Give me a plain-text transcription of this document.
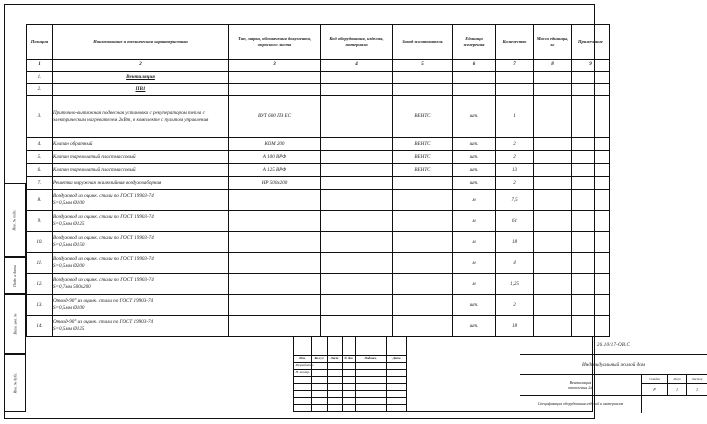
Инв. № подл.
Подп. и дата
Взам. инв. №
Инв. № дубл.
Позиция	Наименование и техническая характеристика	Тип, марка, обозначения документа, опросного листа	Код оборудования, изделия, материала	Завод-изготовитель	Единица измерения	Количество	Масса единицы, кг	Примечание
1	2	3	4	5	6	7	8	9
1.	Вентиляция							
2.	ПВ1							
3.	Приточно-вытяжная подвесная установка с рекуператором тепла с электрическим нагревателем 2кВт, в комплекте с пультом управления	ВУТ 600 ПЗ ЕС		ВЕНТС	шт.	1		
4.	Клапан обратный	КОМ 200		ВЕНТС	шт.	2		
5.	Клапан тарельчатый пластмассовый	А 100 ВРФ		ВЕНТС	шт.	2		
6.	Клапан тарельчатый пластмассовый	А 125 ВРФ		ВЕНТС	шт.	13		
7.	Решетка наружная жалюзийная воздухозаборная	НР 500х200			шт.	2		
8.	Воздуховод из оцинк. стали по ГОСТ 19903-74
S=0,5мм Ø100				м	7,5		
9.	Воздуховод из оцинк. стали по ГОСТ 19903-74
S=0,5мм Ø125				м	61		
10.	Воздуховод из оцинк. стали по ГОСТ 19903-74
S=0,5мм Ø150				м	18		
11.	Воздуховод из оцинк. стали по ГОСТ 19903-74
S=0,5мм Ø200				м	4		
12.	Воздуховод из оцинк. стали по ГОСТ 19903-74
S=0,7мм 500х200				м	1,25		
13.	Отвод-90° из оцинк. стали по ГОСТ 19903-74
S=0,5мм Ø100				шт.	2		
14.	Отвод-90° из оцинк. стали по ГОСТ 19903-74
S=0,5мм Ø125				шт.	18		
Изм.	Кол.уч	Лист	№ док	Подпись	Дата
Разработал
Н. контр.
26.10/17-ОВ.С
Индивидуальный жилой дом
Вентиляция
отопления 2м
Стадия
Р
Лист
1
Листов
1
Спецификация оборудования изделий и материалов
